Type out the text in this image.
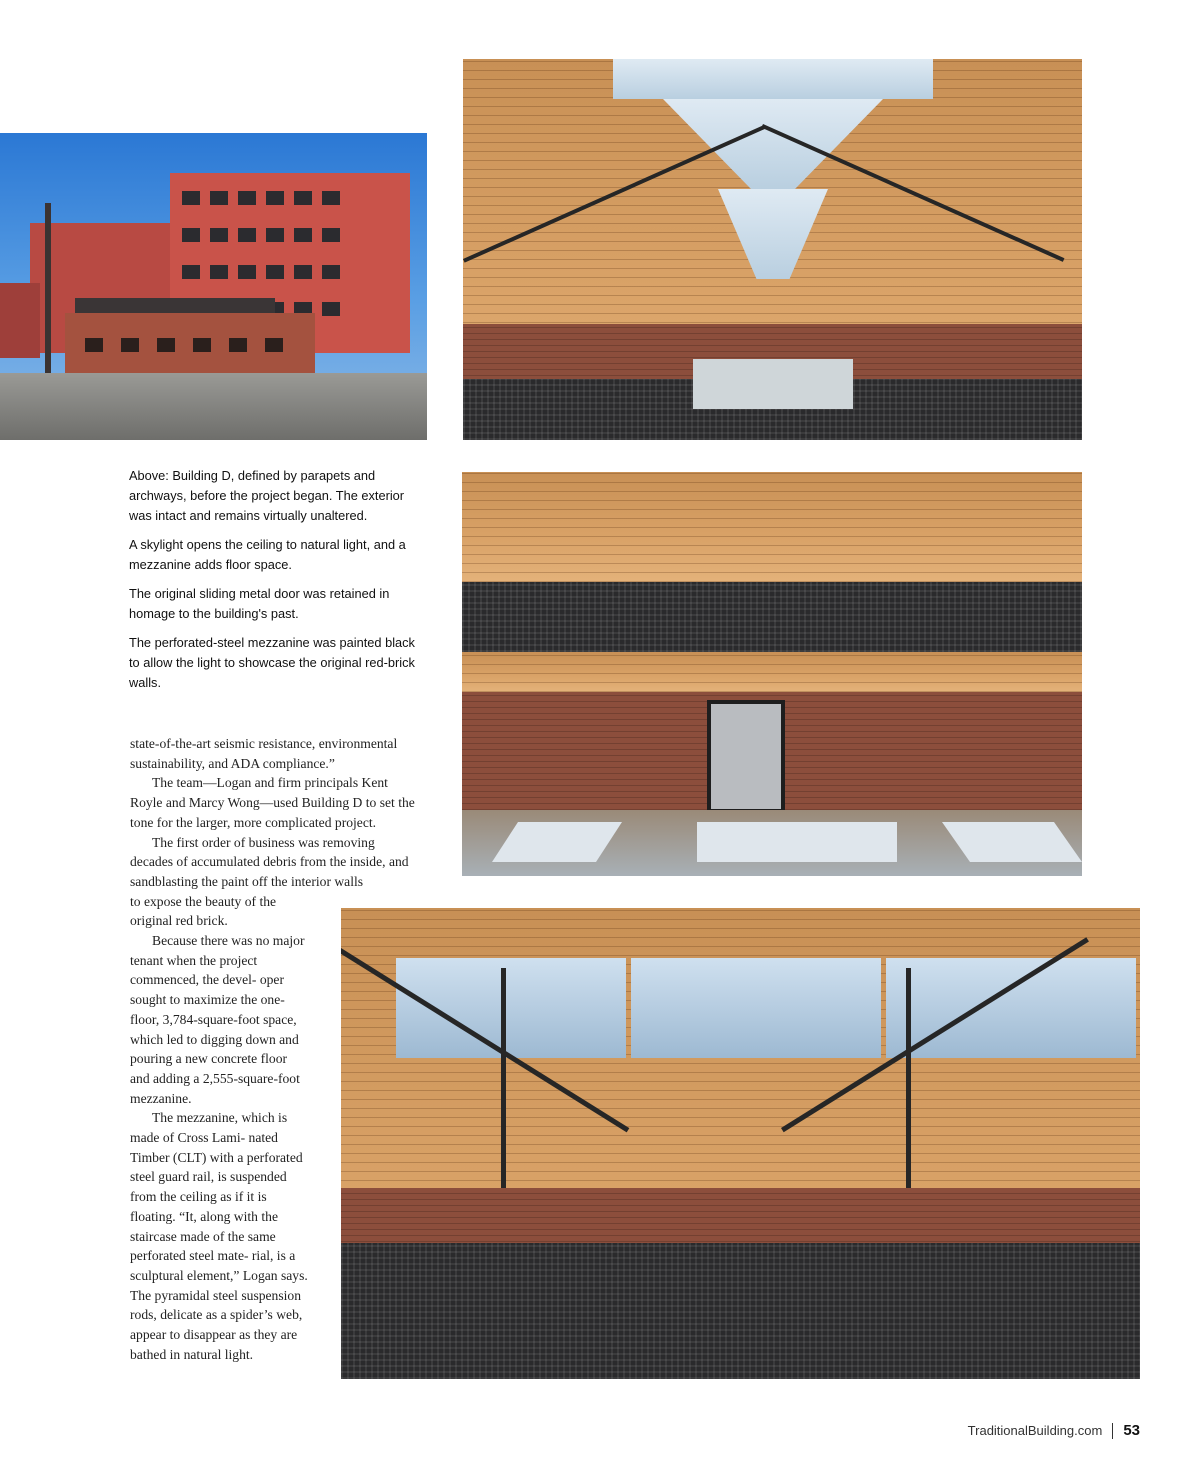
Above: Building D, defined by parapets and archways, before the project began. The exterior was intact and remains virtually unaltered.

A skylight opens the ceiling to natural light, and a mezzanine adds floor space.

The original sliding metal door was retained in homage to the building's past.

The perforated-steel mezzanine was painted black to allow the light to showcase the original red-brick walls.

state-of-the-art seismic resistance, environmental sustainability, and ADA compliance.”

The team—Logan and firm principals Kent Royle and Marcy Wong—used Building D to set the tone for the larger, more complicated project.

The first order of business was removing decades of accumulated debris from the inside, and sandblasting the paint off the interior walls

to expose the beauty of the original red brick.

Because there was no major tenant when the project commenced, the devel- oper sought to maximize the one-floor, 3,784-square-foot space, which led to digging down and pouring a new concrete floor and adding a 2,555-square-foot mezzanine.

The mezzanine, which is made of Cross Lami- nated Timber (CLT) with a perforated steel guard rail, is suspended from the ceiling as if it is floating. “It, along with the staircase made of the same perforated steel mate- rial, is a sculptural element,” Logan says. The pyramidal steel suspension rods, delicate as a spider’s web, appear to disappear as they are bathed in natural light.

TraditionalBuilding.com 53
